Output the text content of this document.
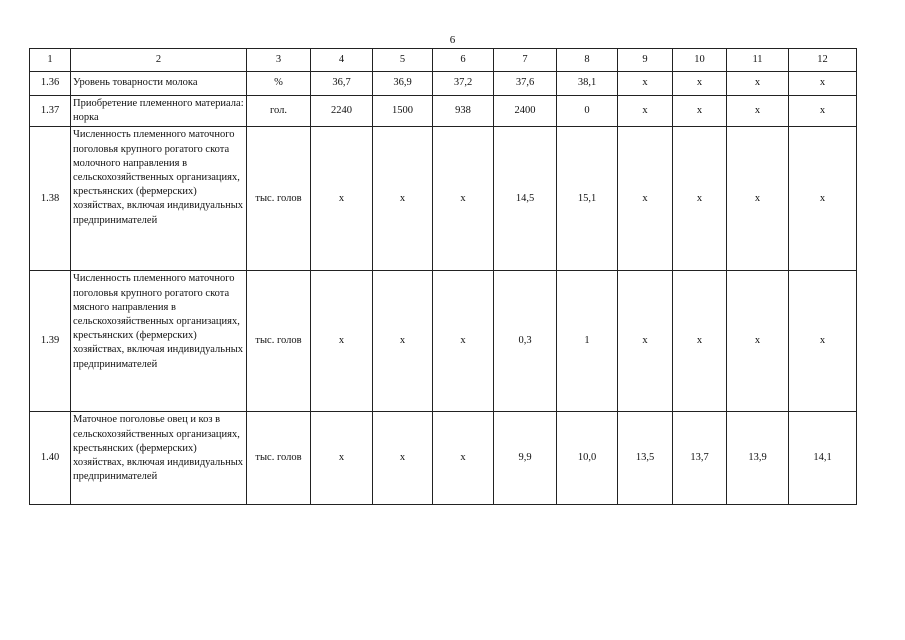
6
1	2	3	4	5	6	7	8	9	10	11	12
1.36	Уровень товарности молока	%	36,7	36,9	37,2	37,6	38,1	х	х	х	х
1.37	Приобретение племенного материала: норка	гол.	2240	1500	938	2400	0	х	х	х	х
1.38	Численность племенного маточного поголовья крупного рогатого скота молочного направления в сельскохозяйственных организациях, крестьянских (фермерских) хозяйствах, включая индивидуальных предпринимателей	тыс. голов	х	х	х	14,5	15,1	х	х	х	х
1.39	Численность племенного маточного поголовья крупного рогатого скота мясного направления в сельскохозяйственных организациях, крестьянских (фермерских) хозяйствах, включая индивидуальных предпринимателей	тыс. голов	х	х	х	0,3	1	х	х	х	х
1.40	Маточное поголовье овец и коз в сельскохозяйственных организациях, крестьянских (фермерских) хозяйствах, включая индивидуальных предпринимателей	тыс. голов	х	х	х	9,9	10,0	13,5	13,7	13,9	14,1
